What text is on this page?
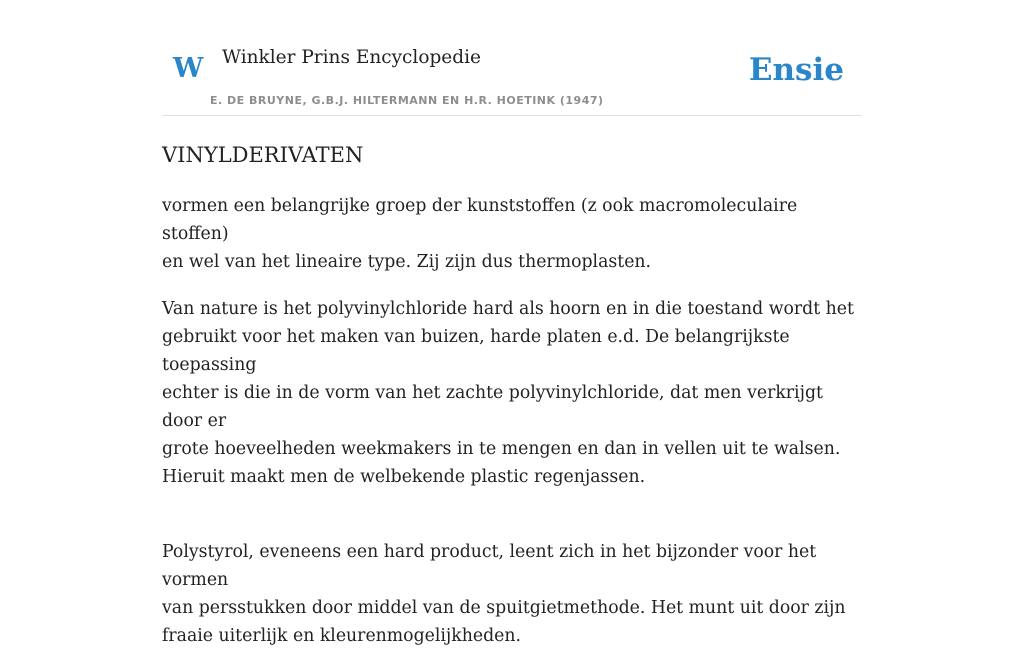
W Winkler Prins Encyclopedie
E. DE BRUYNE, G.B.J. HILTERMANN EN H.R. HOETINK (1947)
Ensie
VINYLDERIVATEN

vormen een belangrijke groep der kunststoffen (z ook macromoleculaire stoffen)
en wel van het lineaire type. Zij zijn dus thermoplasten.

Van nature is het polyvinylchloride hard als hoorn en in die toestand wordt het
gebruikt voor het maken van buizen, harde platen e.d. De belangrijkste toepassing
echter is die in de vorm van het zachte polyvinylchloride, dat men verkrijgt door er
grote hoeveelheden weekmakers in te mengen en dan in vellen uit te walsen.
Hieruit maakt men de welbekende plastic regenjassen.

Polystyrol, eveneens een hard product, leent zich in het bijzonder voor het vormen
van persstukken door middel van de spuitgietmethode. Het munt uit door zijn
fraaie uiterlijk en kleurenmogelijkheden.
